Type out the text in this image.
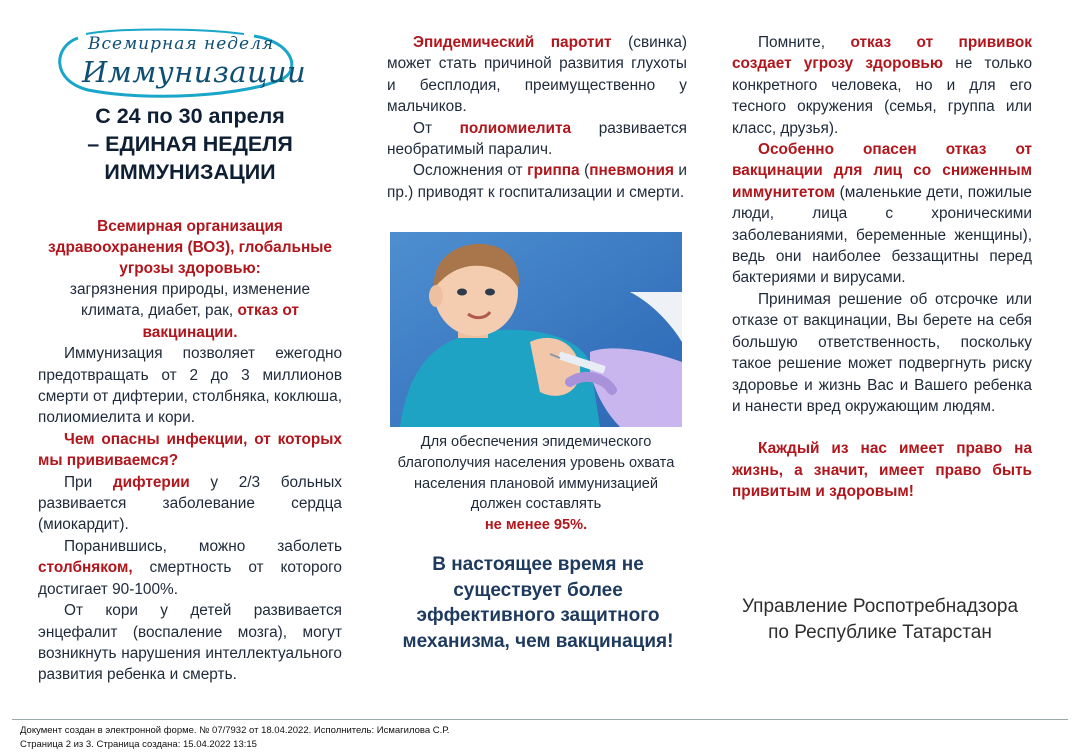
Всемирная неделя
Иммунизации
С 24 по 30 апреля
– ЕДИНАЯ НЕДЕЛЯ
ИММУНИЗАЦИИ

Всемирная организация здравоохранения (ВОЗ), глобальные угрозы здоровью:

загрязнения природы, изменение климата, диабет, рак, отказ от вакцинации.

Иммунизация позволяет ежегодно предотвращать от 2 до 3 миллионов смерти от дифтерии, столбняка, коклюша, полиомиелита и кори.

Чем опасны инфекции, от которых мы прививаемся?

При дифтерии у 2/3 больных развивается заболевание сердца (миокардит).

Поранившись, можно заболеть столбняком, смертность от которого достигает 90-100%.

От кори у детей развивается энцефалит (воспаление мозга), могут возникнуть нарушения интеллектуального развития ребенка и смерть.

Эпидемический паротит (свинка) может стать причиной развития глухоты и бесплодия, преимущественно у мальчиков.

От полиомиелита развивается необратимый паралич.

Осложнения от гриппа (пневмония и пр.) приводят к госпитализации и смерти.

Для обеспечения эпидемического благополучия населения уровень охвата населения плановой иммунизацией должен составлять
не менее 95%.
В настоящее время не существует более эффективного защитного механизма, чем вакцинация!

Помните, отказ от прививок создает угрозу здоровью не только конкретного человека, но и для его тесного окружения (семья, группа или класс, друзья).

Особенно опасен отказ от вакцинации для лиц со сниженным иммунитетом (маленькие дети, пожилые люди, лица с хроническими заболеваниями, беременные женщины), ведь они наиболее беззащитны перед бактериями и вирусами.

Принимая решение об отсрочке или отказе от вакцинации, Вы берете на себя большую ответственность, поскольку такое решение может подвергнуть риску здоровье и жизнь Вас и Вашего ребенка и нанести вред окружающим людям.

Каждый из нас имеет право на жизнь, а значит, имеет право быть привитым и здоровым!

Управление Роспотребнадзора по Республике Татарстан
Документ создан в электронной форме. № 07/7932 от 18.04.2022. Исполнитель: Исмагилова С.Р.
Страница 2 из 3. Страница создана: 15.04.2022 13:15
